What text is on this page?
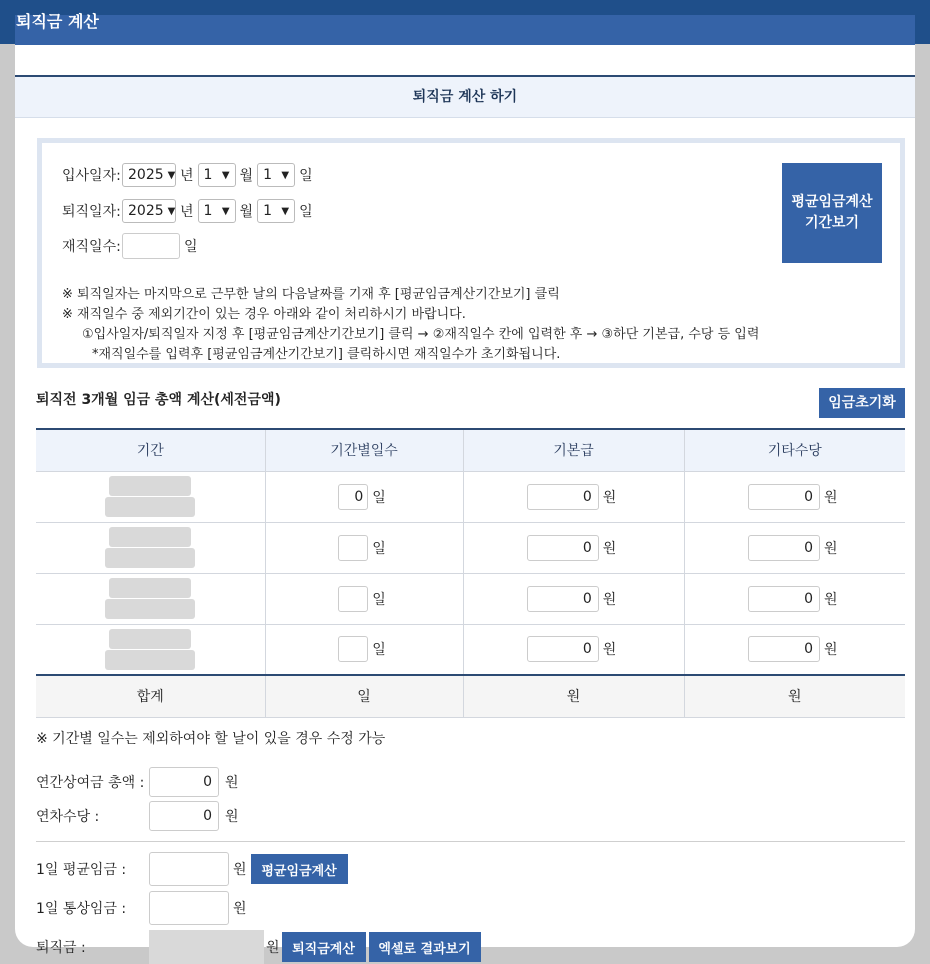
퇴직금 계산 하기
입사일자: 2025 ▼ 년 1 ▼ 월 1 ▼ 일
퇴직일자: 2025 ▼ 년 1 ▼ 월 1 ▼ 일
재직일수:	일
평균임금계산
기간보기
※ 퇴직일자는 마지막으로 근무한 날의 다음날짜를 기재 후 [평균임금계산기간보기] 클릭
※ 재직일수 중 제외기간이 있는 경우 아래와 같이 처리하시기 바랍니다.
①입사일자/퇴직일자 지정 후 [평균임금계산기간보기] 클릭 → ②재직일수 칸에 입력한 후 → ③하단 기본급, 수당 등 입력
*재직일수를 입력후 [평균임금계산기간보기] 클릭하시면 재직일수가 초기화됩니다.
퇴직전 3개월 임금 총액 계산(세전금액)	임금초기화
기간	기간별일수	기본급	기타수당

	0 일	0 원	0 원

	일	0 원	0 원

	일	0 원	0 원

	일	0 원	0 원

합계	일	원	원
※ 기간별 일수는 제외하여야 할 날이 있을 경우 수정 가능
연간상여금 총액 :	0 원
연차수당 :	0 원
1일 평균임금 :	원	평균임금계산
1일 통상임금 :	원
퇴직금 :	원 퇴직금계산	엑셀로 결과보기
퇴직금 계산
